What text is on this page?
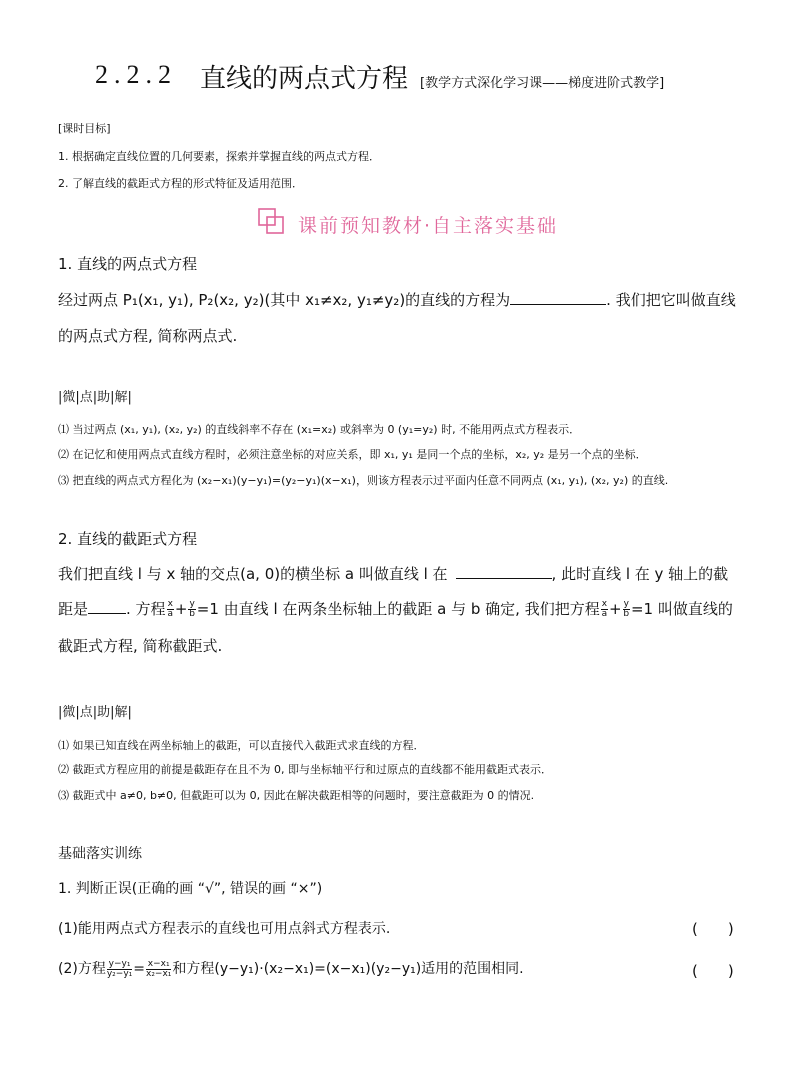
2.2.2 直线的两点式方程 [教学方式深化学习课——梯度进阶式教学]
[课时目标]
1. 根据确定直线位置的几何要素，探索并掌握直线的两点式方程．
2. 了解直线的截距式方程的形式特征及适用范围．
课前预知教材·自主落实基础
1. 直线的两点式方程
经过两点 P₁(x₁, y₁), P₂(x₂, y₂)(其中 x₁≠x₂, y₁≠y₂)的直线的方程为	. 我们把它叫做直线
的两点式方程, 简称两点式.
|微|点|助|解|
⑴ 当过两点 (x₁, y₁), (x₂, y₂) 的直线斜率不存在 (x₁=x₂) 或斜率为 0 (y₁=y₂) 时, 不能用两点式方程表示．
⑵ 在记忆和使用两点式直线方程时，必须注意坐标的对应关系，即 x₁, y₁ 是同一个点的坐标，x₂, y₂ 是另一个点的坐标．
⑶ 把直线的两点式方程化为 (x₂−x₁)(y−y₁)=(y₂−y₁)(x−x₁)，则该方程表示过平面内任意不同两点 (x₁, y₁), (x₂, y₂) 的直线.
2. 直线的截距式方程
我们把直线 l 与 x 轴的交点(a, 0)的横坐标 a 叫做直线 l 在	, 此时直线 l 在 y 轴上的截
距是	. 方程 $\frac{x}{a} + \frac{y}{b} =1$ 由直线 l 在两条坐标轴上的截距 a 与 b 确定, 我们把方程 $\frac{x}{a} + \frac{y}{b} =1$ 叫做直线的
截距式方程, 简称截距式.
|微|点|助|解|
⑴ 如果已知直线在两坐标轴上的截距，可以直接代入截距式求直线的方程．
⑵ 截距式方程应用的前提是截距存在且不为 0, 即与坐标轴平行和过原点的直线都不能用截距式表示．
⑶ 截距式中 a≠0, b≠0, 但截距可以为 0, 因此在解决截距相等的问题时，要注意截距为 0 的情况.
基础落实训练
1. 判断正误(正确的画 “√”, 错误的画 “×”)
(1)能用两点式方程表示的直线也可用点斜式方程表示.	(　　)
(2)方程 $\frac{\text{y−y₁}}{\text{y₂−y₁}} = \frac{\text{x−x₁}}{\text{x₂−x₁}}$ 和方程(y−y₁)·(x₂−x₁)=(x−x₁)(y₂−y₁)适用的范围相同.	(　　)
